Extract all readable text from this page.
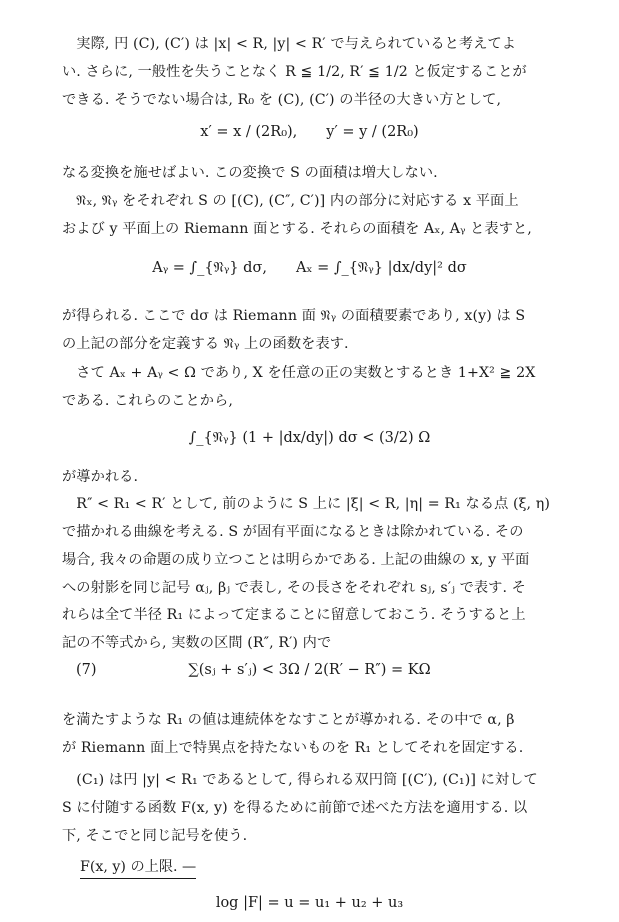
　実際, 円 (C), (C′) は |x| < R, |y| < R′ で与えられていると考えてよ
い. さらに, 一般性を失うことなく R ≦ 1/2, R′ ≦ 1/2 と仮定することが
できる. そうでない場合は, R₀ を (C), (C′) の半径の大きい方として,
x′ = x / (2R₀),　　y′ = y / (2R₀)
なる変換を施せばよい. この変換で S の面積は増大しない.
　𝔑ₓ, 𝔑ᵧ をそれぞれ S の [(C), (C″, C′)] 内の部分に対応する x 平面上
および y 平面上の Riemann 面とする. それらの面積を Aₓ, Aᵧ と表すと,
Aᵧ = ∫_{𝔑ᵧ} dσ,　　Aₓ = ∫_{𝔑ᵧ} |dx/dy|² dσ
が得られる. ここで dσ は Riemann 面 𝔑ᵧ の面積要素であり, x(y) は S
の上記の部分を定義する 𝔑ᵧ 上の函数を表す.
　さて Aₓ + Aᵧ < Ω であり, X を任意の正の実数とするとき 1+X² ≧ 2X
である. これらのことから,
∫_{𝔑ᵧ} (1 + |dx/dy|) dσ < (3/2) Ω
が導かれる.
　R″ < R₁ < R′ として, 前のように S 上に |ξ| < R, |η| = R₁ なる点 (ξ, η)
で描かれる曲線を考える. S が固有平面になるときは除かれている. その
場合, 我々の命題の成り立つことは明らかである. 上記の曲線の x, y 平面
への射影を同じ記号 αⱼ, βⱼ で表し, その長さをそれぞれ sⱼ, s′ⱼ で表す. そ
れらは全て半径 R₁ によって定まることに留意しておこう. そうすると上
記の不等式から, 実数の区間 (R″, R′) 内で
(7)	∑(sⱼ + s′ⱼ) < 3Ω / 2(R′ − R″) = KΩ
を満たすような R₁ の値は連続体をなすことが導かれる. その中で α, β
が Riemann 面上で特異点を持たないものを R₁ としてそれを固定する.
　(C₁) は円 |y| < R₁ であるとして, 得られる双円筒 [(C′), (C₁)] に対して
S に付随する函数 F(x, y) を得るために前節で述べた方法を適用する. 以
下, そこでと同じ記号を使う.
F(x, y) の上限. —
log |F| = u = u₁ + u₂ + u₃
